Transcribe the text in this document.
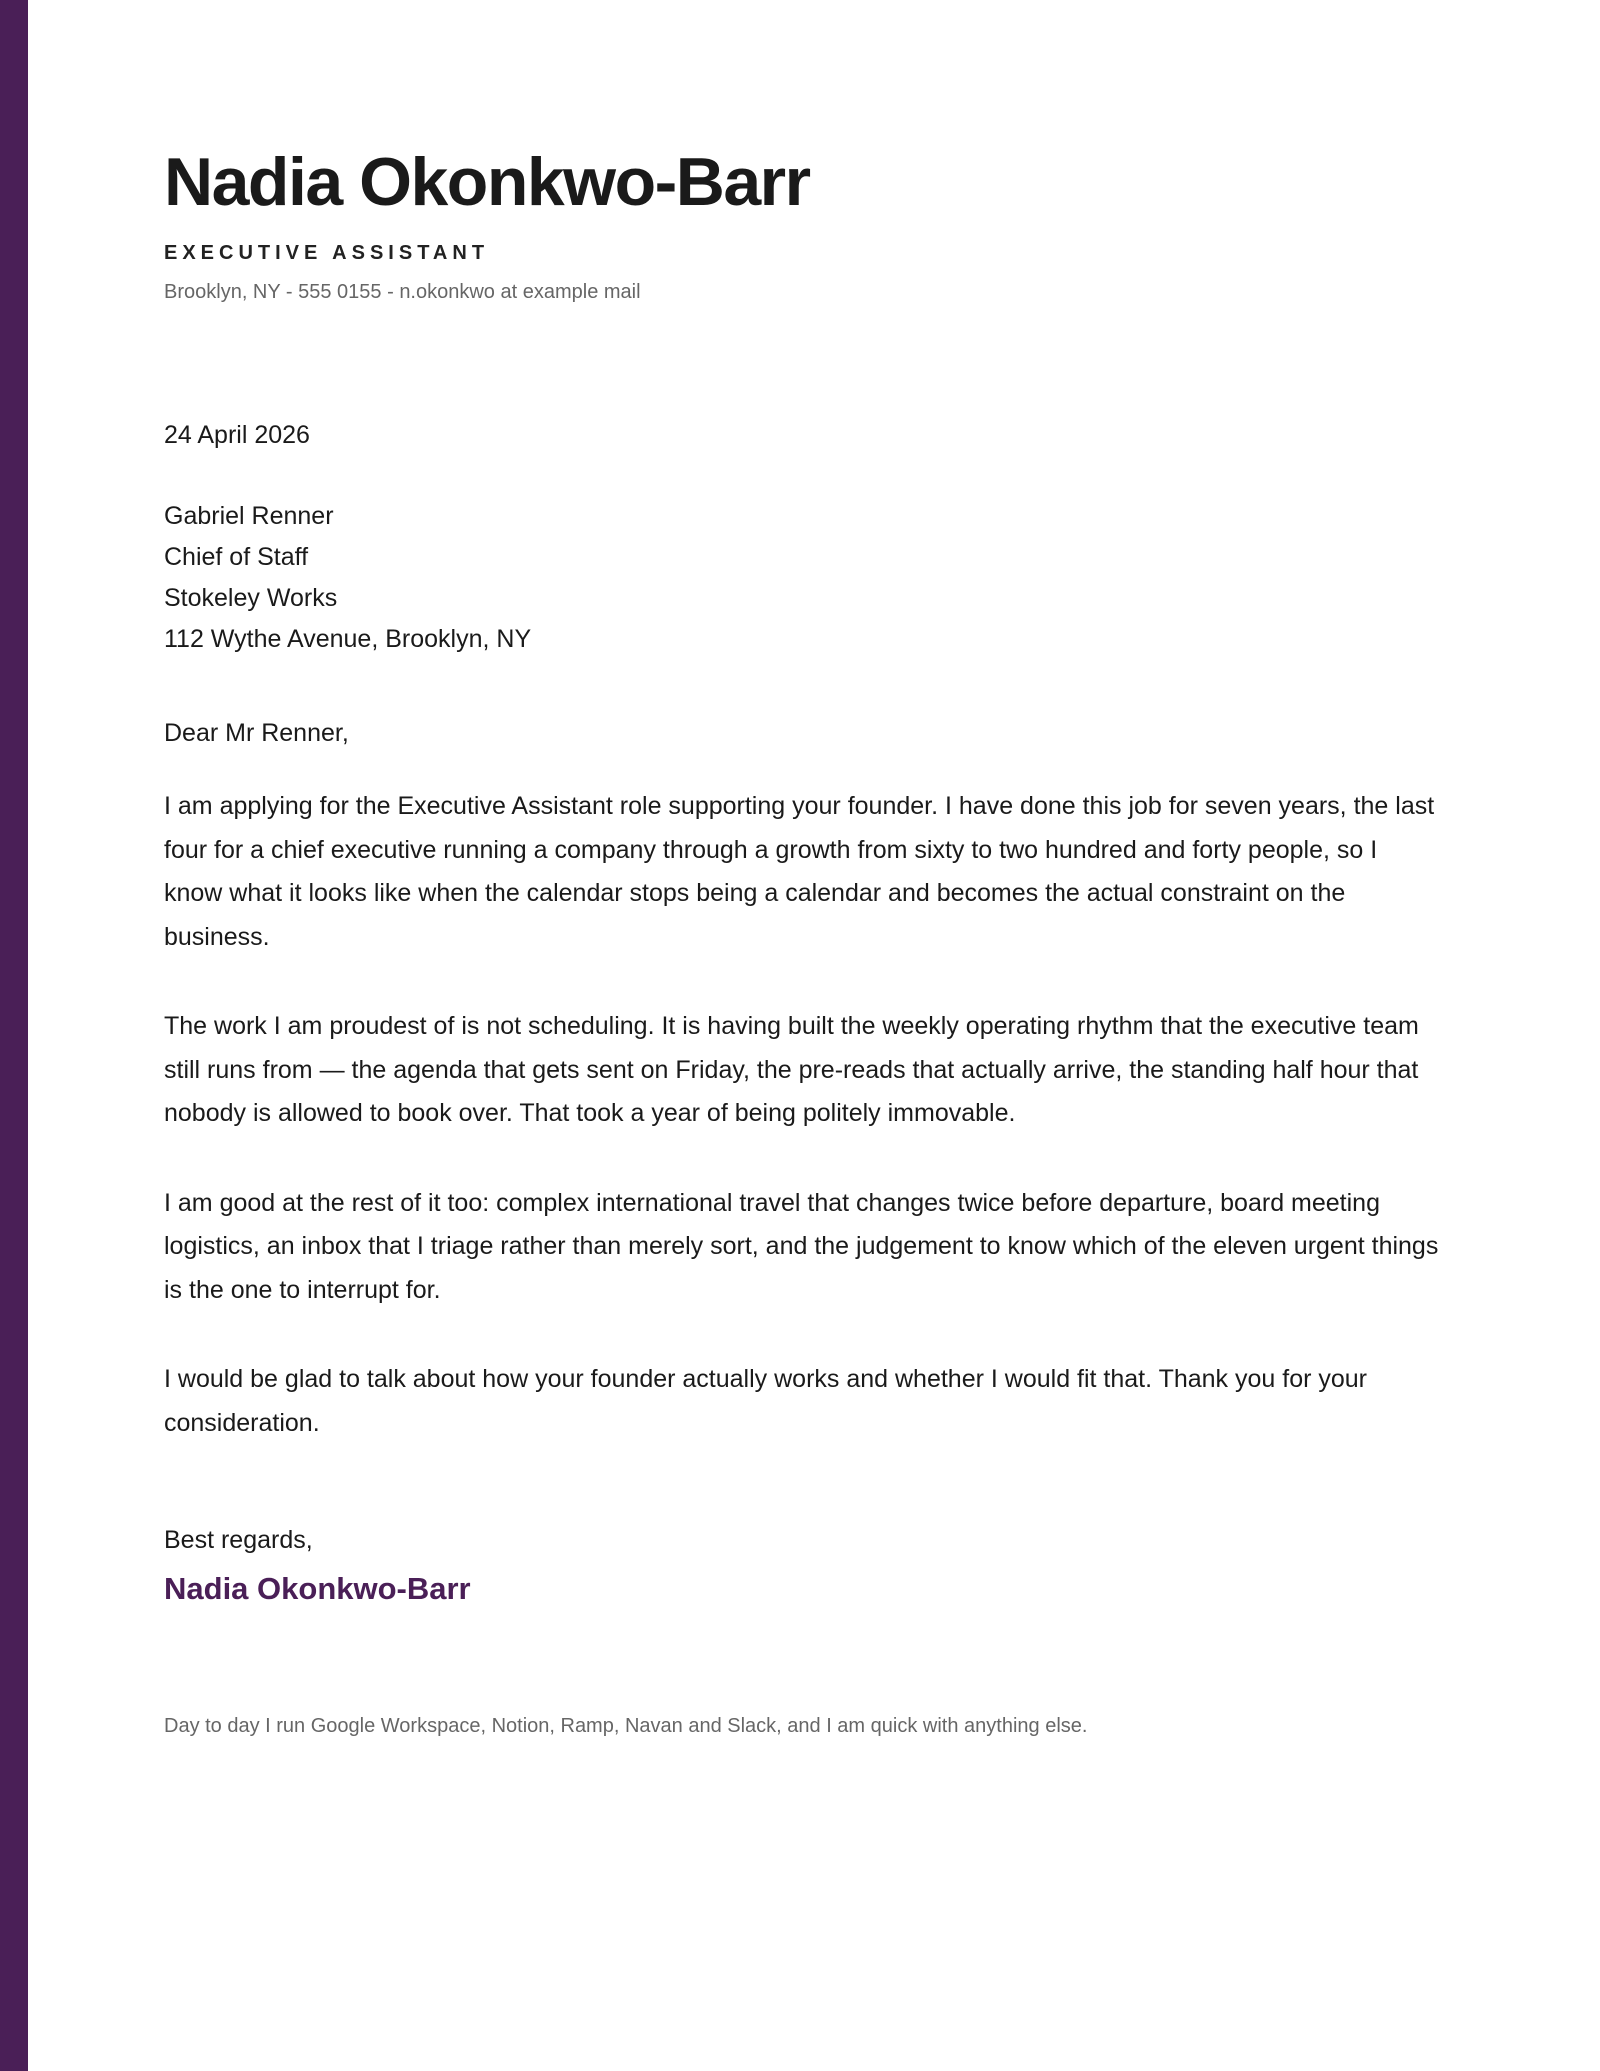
Nadia Okonkwo-Barr
EXECUTIVE ASSISTANT
Brooklyn, NY - 555 0155 - n.okonkwo at example mail
24 April 2026
Gabriel Renner
Chief of Staff
Stokeley Works
112 Wythe Avenue, Brooklyn, NY
Dear Mr Renner,

I am applying for the Executive Assistant role supporting your founder. I have done this job for seven years, the last four for a chief executive running a company through a growth from sixty to two hundred and forty people, so I know what it looks like when the calendar stops being a calendar and becomes the actual constraint on the business.

The work I am proudest of is not scheduling. It is having built the weekly operating rhythm that the executive team still runs from — the agenda that gets sent on Friday, the pre-reads that actually arrive, the standing half hour that nobody is allowed to book over. That took a year of being politely immovable.

I am good at the rest of it too: complex international travel that changes twice before departure, board meeting logistics, an inbox that I triage rather than merely sort, and the judgement to know which of the eleven urgent things is the one to interrupt for.

I would be glad to talk about how your founder actually works and whether I would fit that. Thank you for your consideration.

Best regards,
Nadia Okonkwo-Barr
Day to day I run Google Workspace, Notion, Ramp, Navan and Slack, and I am quick with anything else.
